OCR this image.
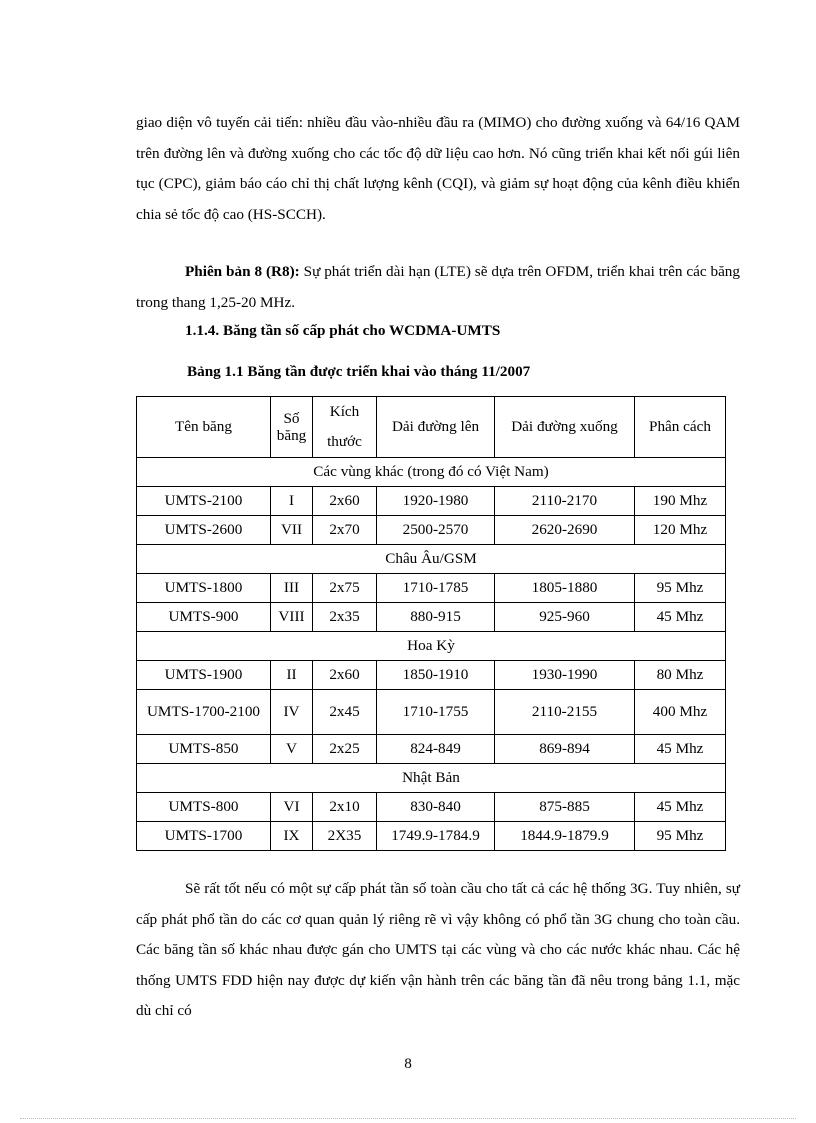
giao diện vô tuyến cải tiến: nhiều đầu vào-nhiều đầu ra (MIMO) cho đường xuống và 64/16 QAM trên đường lên và đường xuống cho các tốc độ dữ liệu cao hơn. Nó cũng triển khai kết nối gúi liên tục (CPC), giảm báo cáo chỉ thị chất lượng kênh (CQI), và giảm sự hoạt động của kênh điều khiển chia sẻ tốc độ cao (HS-SCCH).

Phiên bản 8 (R8): Sự phát triển dài hạn (LTE) sẽ dựa trên OFDM, triển khai trên các băng trong thang 1,25-20 MHz.

1.1.4. Băng tần số cấp phát cho WCDMA-UMTS

Bảng 1.1 Băng tần được triển khai vào tháng 11/2007

Tên băng	Số băng	Kích thước	Dải đường lên	Dải đường xuống	Phân cách
Các vùng khác (trong đó có Việt Nam)					
UMTS-2100	I	2x60	1920-1980	2110-2170	190 Mhz
UMTS-2600	VII	2x70	2500-2570	2620-2690	120 Mhz
Châu Âu/GSM					
UMTS-1800	III	2x75	1710-1785	1805-1880	95 Mhz
UMTS-900	VIII	2x35	880-915	925-960	45 Mhz
Hoa Kỳ					
UMTS-1900	II	2x60	1850-1910	1930-1990	80 Mhz
UMTS-1700-2100	IV	2x45	1710-1755	2110-2155	400 Mhz
UMTS-850	V	2x25	824-849	869-894	45 Mhz
Nhật Bản					
UMTS-800	VI	2x10	830-840	875-885	45 Mhz
UMTS-1700	IX	2X35	1749.9-1784.9	1844.9-1879.9	95 Mhz
8

Sẽ rất tốt nếu có một sự cấp phát tần số toàn cầu cho tất cả các hệ thống 3G. Tuy nhiên, sự cấp phát phổ tần do các cơ quan quản lý riêng rẽ vì vậy không có phổ tần 3G chung cho toàn cầu. Các băng tần số khác nhau được gán cho UMTS tại các vùng và cho các nước khác nhau. Các hệ thống UMTS FDD hiện nay được dự kiến vận hành trên các băng tần đã nêu trong bảng 1.1, mặc dù chỉ có
